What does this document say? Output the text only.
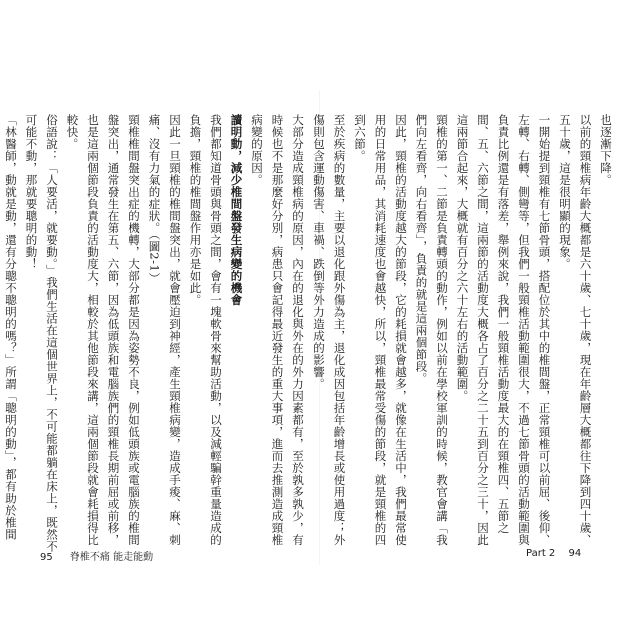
大部分造成頸椎病的原因，內在的退化與外在的外力因素都有，至於孰多孰少，有時候也不是那麼好分別，病患只會記得最近發生的重大事項，進而去推測造成頸椎病變的原因。

讀明動，減少椎間盤發生病變的機會

我們都知道骨頭與骨頭之間，會有一塊軟骨來幫助活動，以及減輕騙幹重量造成的負擔，頸椎的椎間盤作用亦是如此。

因此一旦頸椎的椎間盤突出，就會壓迫到神經，產生頸椎病變，造成手痠、麻、刺痛、沒有力氣的症狀。（圖2-1）

頸椎椎間盤突出症的機轉，大部分都是因為姿勢不良，例如低頭族或電腦族的椎間盤突出，通常發生在第五、六節，因為低頭族和電腦族們的頸椎長期前屈或前移，也是這兩個節段負責的活動度大，相較於其他節段來講，這兩個節段就會耗損得比較快。

俗語說：「人要活，就要動。」我們生活在這個世界上，不可能都躺在床上，既然不可能不動，那就要聰明的動！

「林醫師，動就是動，還有分聰不聰明的嗎？」所謂「聰明的動」，都有助於椎間

也逐漸下降。

以前的頸椎病年齡大概都是六十歲、七十歲，現在年齡層大概都往下降到四十歲、五十歲，這是很明顯的現象。

一開始提到頸椎有七節骨頭，搭配位於其中的椎間盤，正常頸椎可以前屈、後仰、左轉、右轉、側彎等，但我們一般頸椎活動範圍很大，不過七節骨頭的活動範圍與負責比例還是有落差，舉例來說，我們一般頸椎活動度最大的在頸椎四、五節之間、五、六節之間，這兩節的活動度大概各占了百分之二十五到百分之三十，因此這兩節合起來，大概就有百分之六十左右的活動範圍。

頸椎的第一、二節是負責轉頭的動作，例如以前在學校軍訓的時候，教官會講「我們向左看齊，向右看齊」，負責的就是這兩個節段。

因此，頸椎的活動度越大的節段，它的耗損就會越多，就像在生活中，我們最常使用的日常用品，其消耗速度也會越快，所以，頸椎最常受傷的節段，就是頸椎的四到六節。

至於疾病的數量，主要以退化跟外傷為主，退化成因包括年齡增長或使用過度；外傷則包含運動傷害、車禍、跌倒等外力造成的影響。

95 脊椎不痛 能走能動	Part 2 94
